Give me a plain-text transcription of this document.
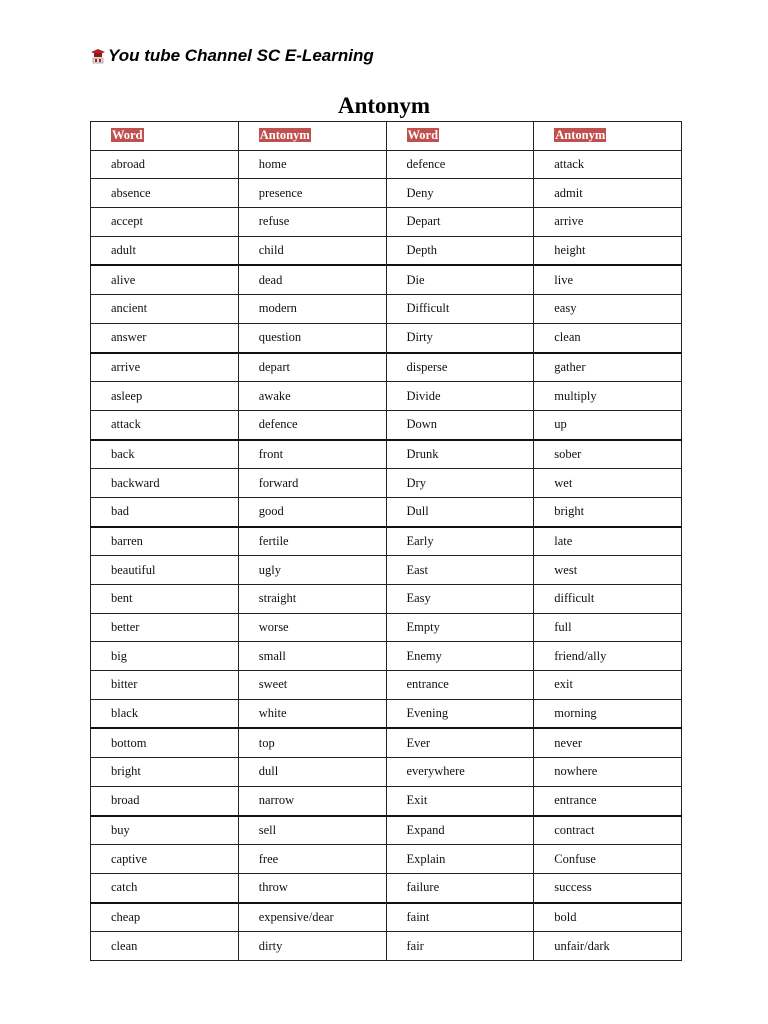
You tube Channel SC E-Learning
Antonym
Word	Antonym	Word	Antonym
abroad	home	defence	attack
absence	presence	Deny	admit
accept	refuse	Depart	arrive
adult	child	Depth	height
alive	dead	Die	live
ancient	modern	Difficult	easy
answer	question	Dirty	clean
arrive	depart	disperse	gather
asleep	awake	Divide	multiply
attack	defence	Down	up
back	front	Drunk	sober
backward	forward	Dry	wet
bad	good	Dull	bright
barren	fertile	Early	late
beautiful	ugly	East	west
bent	straight	Easy	difficult
better	worse	Empty	full
big	small	Enemy	friend/ally
bitter	sweet	entrance	exit
black	white	Evening	morning
bottom	top	Ever	never
bright	dull	everywhere	nowhere
broad	narrow	Exit	entrance
buy	sell	Expand	contract
captive	free	Explain	Confuse
catch	throw	failure	success
cheap	expensive/dear	faint	bold
clean	dirty	fair	unfair/dark
